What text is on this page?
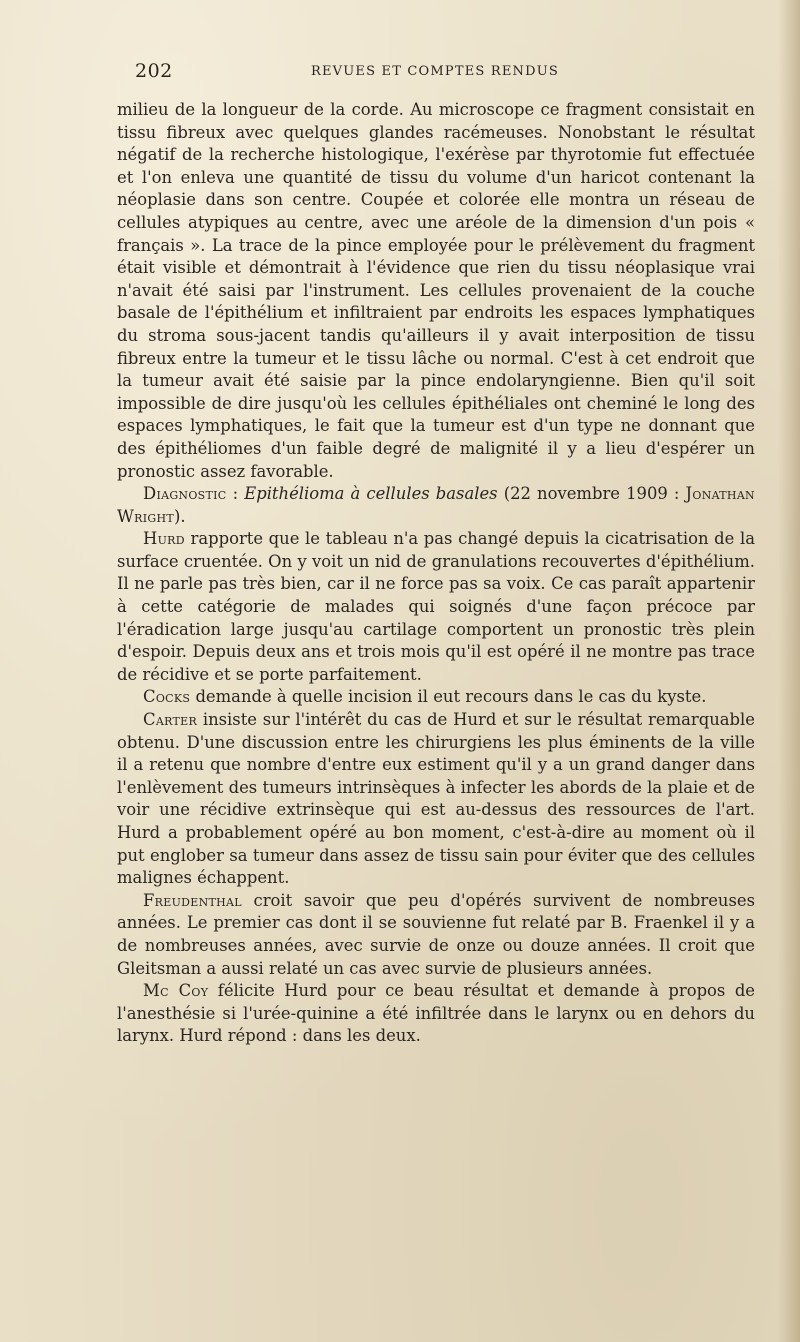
202	REVUES ET COMPTES RENDUS

milieu de la longueur de la corde. Au microscope ce fragment consistait en tissu fibreux avec quelques glandes racémeuses. Nonobstant le résultat négatif de la recherche histologique, l'exérèse par thyrotomie fut effectuée et l'on enleva une quantité de tissu du volume d'un haricot contenant la néoplasie dans son centre. Coupée et colorée elle montra un réseau de cellules atypiques au centre, avec une aréole de la dimension d'un pois « français ». La trace de la pince employée pour le prélèvement du fragment était visible et démontrait à l'évidence que rien du tissu néoplasique vrai n'avait été saisi par l'instrument. Les cellules provenaient de la couche basale de l'épithélium et infiltraient par endroits les espaces lymphatiques du stroma sous-jacent tandis qu'ailleurs il y avait interposition de tissu fibreux entre la tumeur et le tissu lâche ou normal. C'est à cet endroit que la tumeur avait été saisie par la pince endolaryngienne. Bien qu'il soit impossible de dire jusqu'où les cellules épithéliales ont cheminé le long des espaces lymphatiques, le fait que la tumeur est d'un type ne donnant que des épithéliomes d'un faible degré de malignité il y a lieu d'espérer un pronostic assez favorable.

Diagnostic : Epithélioma à cellules basales (22 novembre 1909 : Jonathan Wright).

Hurd rapporte que le tableau n'a pas changé depuis la cicatrisation de la surface cruentée. On y voit un nid de granulations recouvertes d'épithélium. Il ne parle pas très bien, car il ne force pas sa voix. Ce cas paraît appartenir à cette catégorie de malades qui soignés d'une façon précoce par l'éradication large jusqu'au cartilage comportent un pronostic très plein d'espoir. Depuis deux ans et trois mois qu'il est opéré il ne montre pas trace de récidive et se porte parfaitement.

Cocks demande à quelle incision il eut recours dans le cas du kyste.

Carter insiste sur l'intérêt du cas de Hurd et sur le résultat remarquable obtenu. D'une discussion entre les chirurgiens les plus éminents de la ville il a retenu que nombre d'entre eux estiment qu'il y a un grand danger dans l'enlèvement des tumeurs intrinsèques à infecter les abords de la plaie et de voir une récidive extrinsèque qui est au-dessus des ressources de l'art. Hurd a probablement opéré au bon moment, c'est-à-dire au moment où il put englober sa tumeur dans assez de tissu sain pour éviter que des cellules malignes échappent.

Freudenthal croit savoir que peu d'opérés survivent de nombreuses années. Le premier cas dont il se souvienne fut relaté par B. Fraenkel il y a de nombreuses années, avec survie de onze ou douze années. Il croit que Gleitsman a aussi relaté un cas avec survie de plusieurs années.

Mc Coy félicite Hurd pour ce beau résultat et demande à propos de l'anesthésie si l'urée-quinine a été infiltrée dans le larynx ou en dehors du larynx. Hurd répond : dans les deux.
